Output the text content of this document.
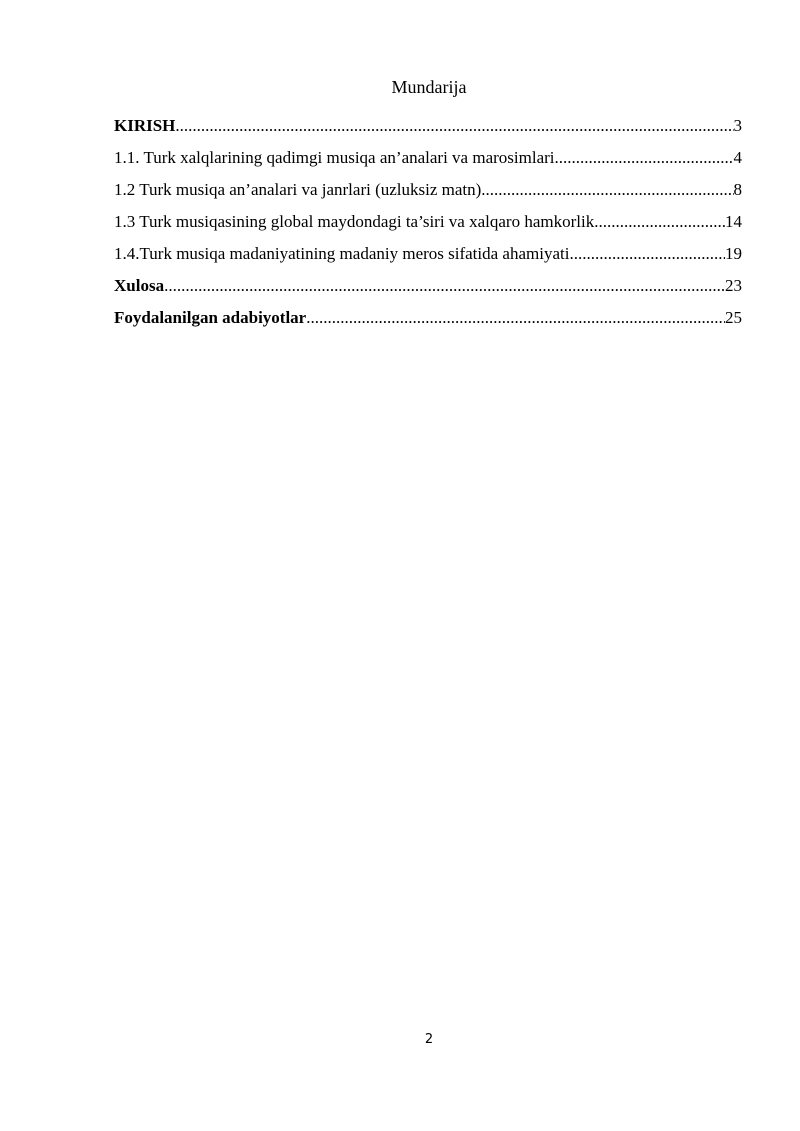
Mundarija
KIRISH .....	3
1.1. Turk xalqlarining qadimgi musiqa an’analari va marosimlari .....	4
1.2 Turk musiqa an’analari va janrlari (uzluksiz matn) .....	8
1.3 Turk musiqasining global maydondagi ta’siri va xalqaro hamkorlik .....	14
1.4.Turk musiqa madaniyatining madaniy meros sifatida ahamiyati .....	19
Xulosa .....	23
Foydalanilgan adabiyotlar .....	25
2
